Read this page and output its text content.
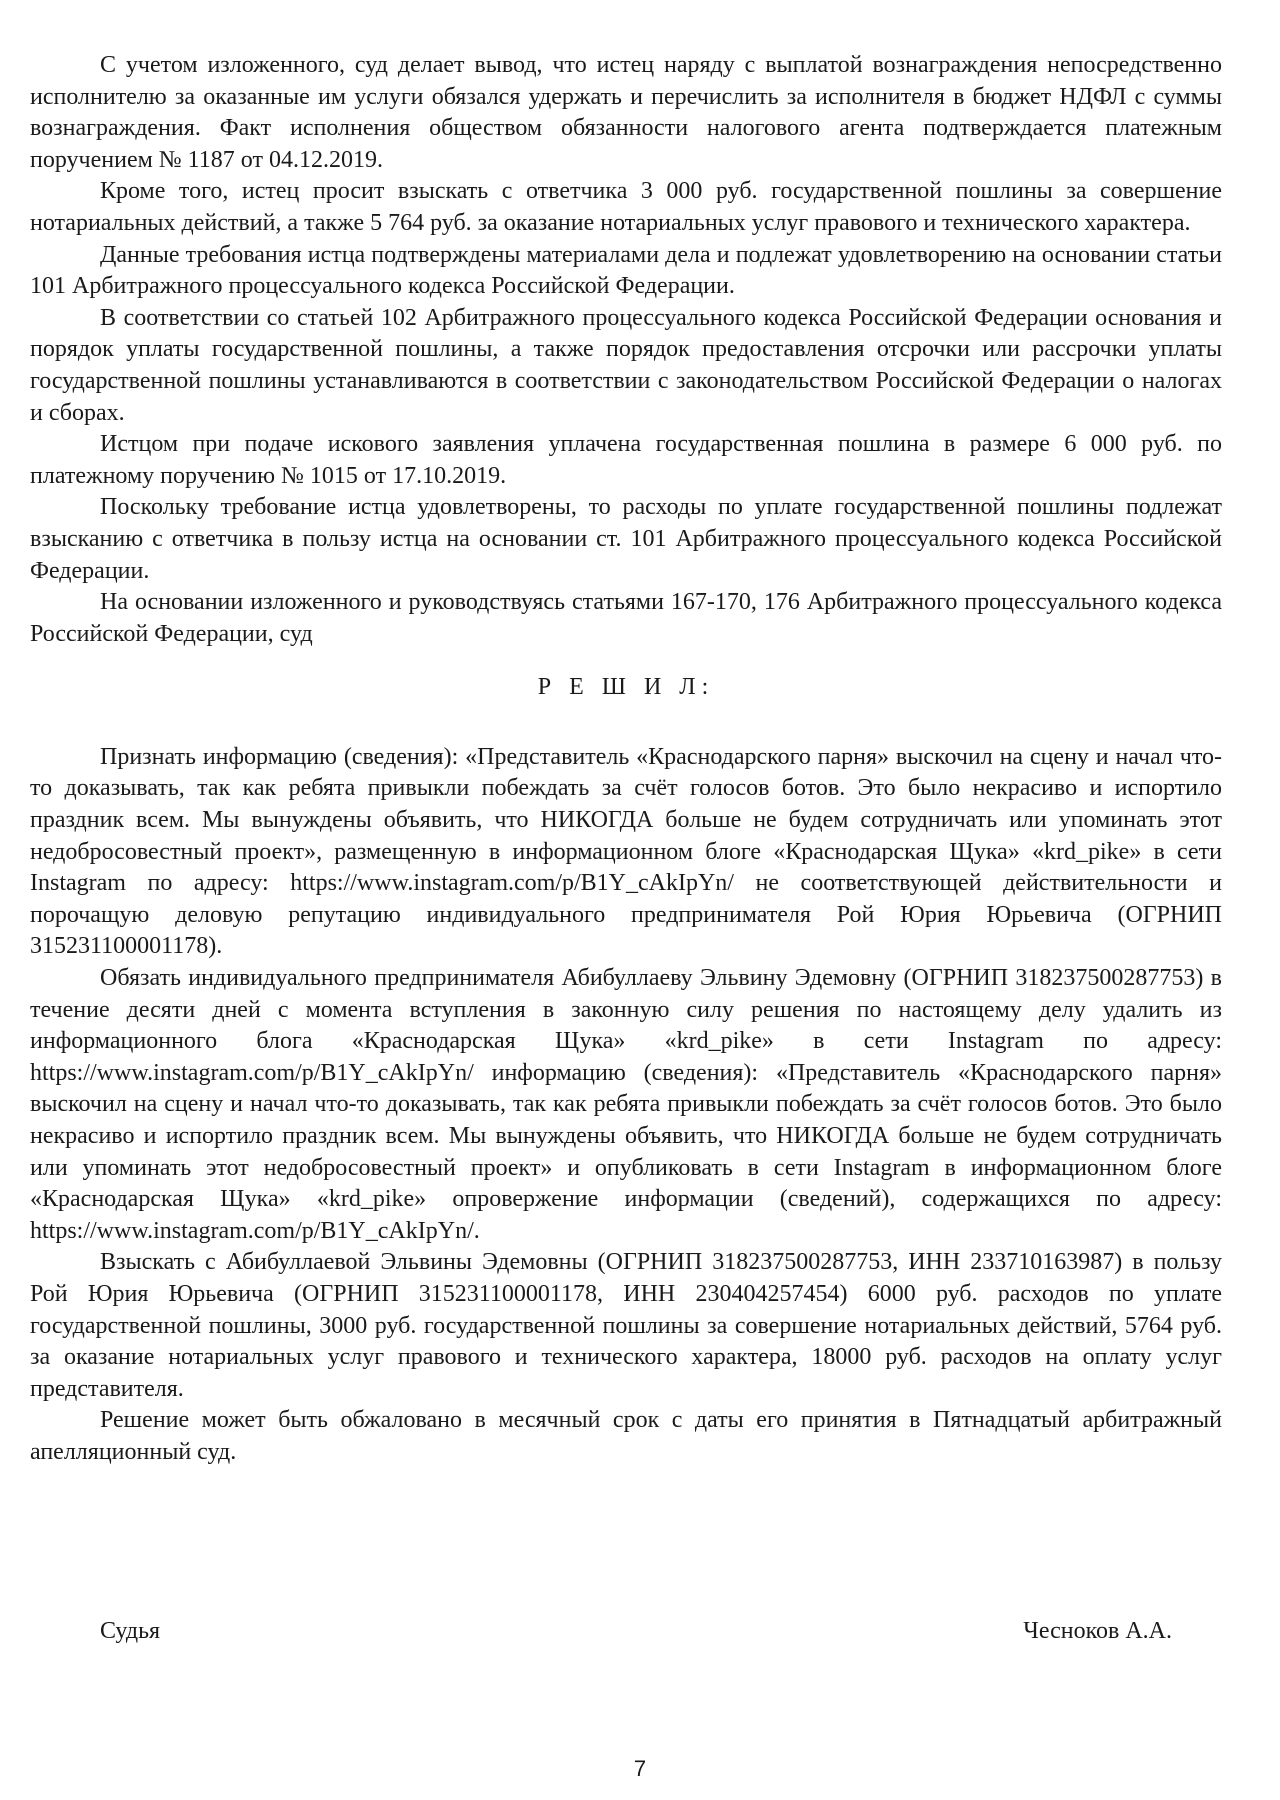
С учетом изложенного, суд делает вывод, что истец наряду с выплатой вознаграждения непосредственно исполнителю за оказанные им услуги обязался удержать и перечислить за исполнителя в бюджет НДФЛ с суммы вознаграждения. Факт исполнения обществом обязанности налогового агента подтверждается платежным поручением № 1187 от 04.12.2019.

Кроме того, истец просит взыскать с ответчика 3 000 руб. государственной пошлины за совершение нотариальных действий, а также 5 764 руб. за оказание нотариальных услуг правового и технического характера.

Данные требования истца подтверждены материалами дела и подлежат удовлетворению на основании статьи 101 Арбитражного процессуального кодекса Российской Федерации.

В соответствии со статьей 102 Арбитражного процессуального кодекса Российской Федерации основания и порядок уплаты государственной пошлины, а также порядок предоставления отсрочки или рассрочки уплаты государственной пошлины устанавливаются в соответствии с законодательством Российской Федерации о налогах и сборах.

Истцом при подаче искового заявления уплачена государственная пошлина в размере 6 000 руб. по платежному поручению № 1015 от 17.10.2019.

Поскольку требование истца удовлетворены, то расходы по уплате государственной пошлины подлежат взысканию с ответчика в пользу истца на основании ст. 101 Арбитражного процессуального кодекса Российской Федерации.

На основании изложенного и руководствуясь статьями 167-170, 176 Арбитражного процессуального кодекса Российской Федерации, суд

Р Е Ш И Л:

Признать информацию (сведения): «Представитель «Краснодарского парня» выскочил на сцену и начал что-то доказывать, так как ребята привыкли побеждать за счёт голосов ботов. Это было некрасиво и испортило праздник всем. Мы вынуждены объявить, что НИКОГДА больше не будем сотрудничать или упоминать этот недобросовестный проект», размещенную в информационном блоге «Краснодарская Щука» «krd_pike» в сети Instagram по адресу: https://www.instagram.com/p/B1Y_cAkIpYn/ не соответствующей действительности и порочащую деловую репутацию индивидуального предпринимателя Рой Юрия Юрьевича (ОГРНИП 315231100001178).

Обязать индивидуального предпринимателя Абибуллаеву Эльвину Эдемовну (ОГРНИП 318237500287753) в течение десяти дней с момента вступления в законную силу решения по настоящему делу удалить из информационного блога «Краснодарская Щука» «krd_pike» в сети Instagram по адресу: https://www.instagram.com/p/B1Y_cAkIpYn/ информацию (сведения): «Представитель «Краснодарского парня» выскочил на сцену и начал что-то доказывать, так как ребята привыкли побеждать за счёт голосов ботов. Это было некрасиво и испортило праздник всем. Мы вынуждены объявить, что НИКОГДА больше не будем сотрудничать или упоминать этот недобросовестный проект» и опубликовать в сети Instagram в информационном блоге «Краснодарская Щука» «krd_pike» опровержение информации (сведений), содержащихся по адресу: https://www.instagram.com/p/B1Y_cAkIpYn/.

Взыскать с Абибуллаевой Эльвины Эдемовны (ОГРНИП 318237500287753, ИНН 233710163987) в пользу Рой Юрия Юрьевича (ОГРНИП 315231100001178, ИНН 230404257454) 6000 руб. расходов по уплате государственной пошлины, 3000 руб. государственной пошлины за совершение нотариальных действий, 5764 руб. за оказание нотариальных услуг правового и технического характера, 18000 руб. расходов на оплату услуг представителя.

Решение может быть обжаловано в месячный срок с даты его принятия в Пятнадцатый арбитражный апелляционный суд.

Судья	Чесноков А.А.
7
